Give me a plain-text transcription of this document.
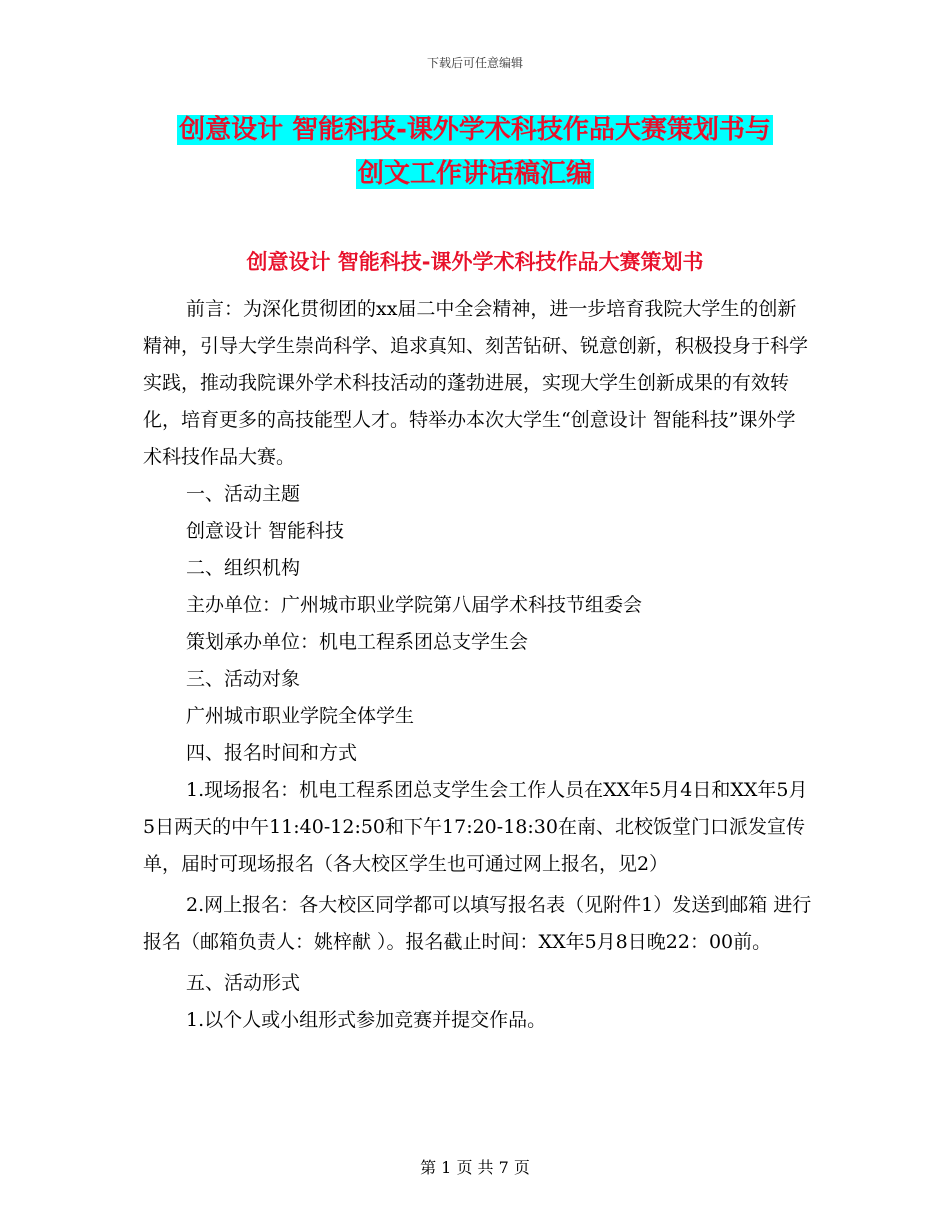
下载后可任意编辑
创意设计 智能科技-课外学术科技作品大赛策划书与
创文工作讲话稿汇编
创意设计 智能科技-课外学术科技作品大赛策划书

前言：为深化贯彻团的xx届二中全会精神，进一步培育我院大学生的创新精神，引导大学生崇尚科学、追求真知、刻苦钻研、锐意创新，积极投身于科学实践，推动我院课外学术科技活动的蓬勃进展，实现大学生创新成果的有效转化，培育更多的高技能型人才。特举办本次大学生“创意设计 智能科技”课外学术科技作品大赛。

一、活动主题

创意设计 智能科技

二、组织机构

主办单位：广州城市职业学院第八届学术科技节组委会

策划承办单位：机电工程系团总支学生会

三、活动对象

广州城市职业学院全体学生

四、报名时间和方式

1.现场报名：机电工程系团总支学生会工作人员在XX年5月4日和XX年5月5日两天的中午11:40-12:50和下午17:20-18:30在南、北校饭堂门口派发宣传单，届时可现场报名（各大校区学生也可通过网上报名，见2）

2.网上报名：各大校区同学都可以填写报名表（见附件1）发送到邮箱 进行报名（邮箱负责人：姚梓献 ）。报名截止时间：XX年5月8日晚22：00前。

五、活动形式

1.以个人或小组形式参加竞赛并提交作品。

第 1 页 共 7 页
